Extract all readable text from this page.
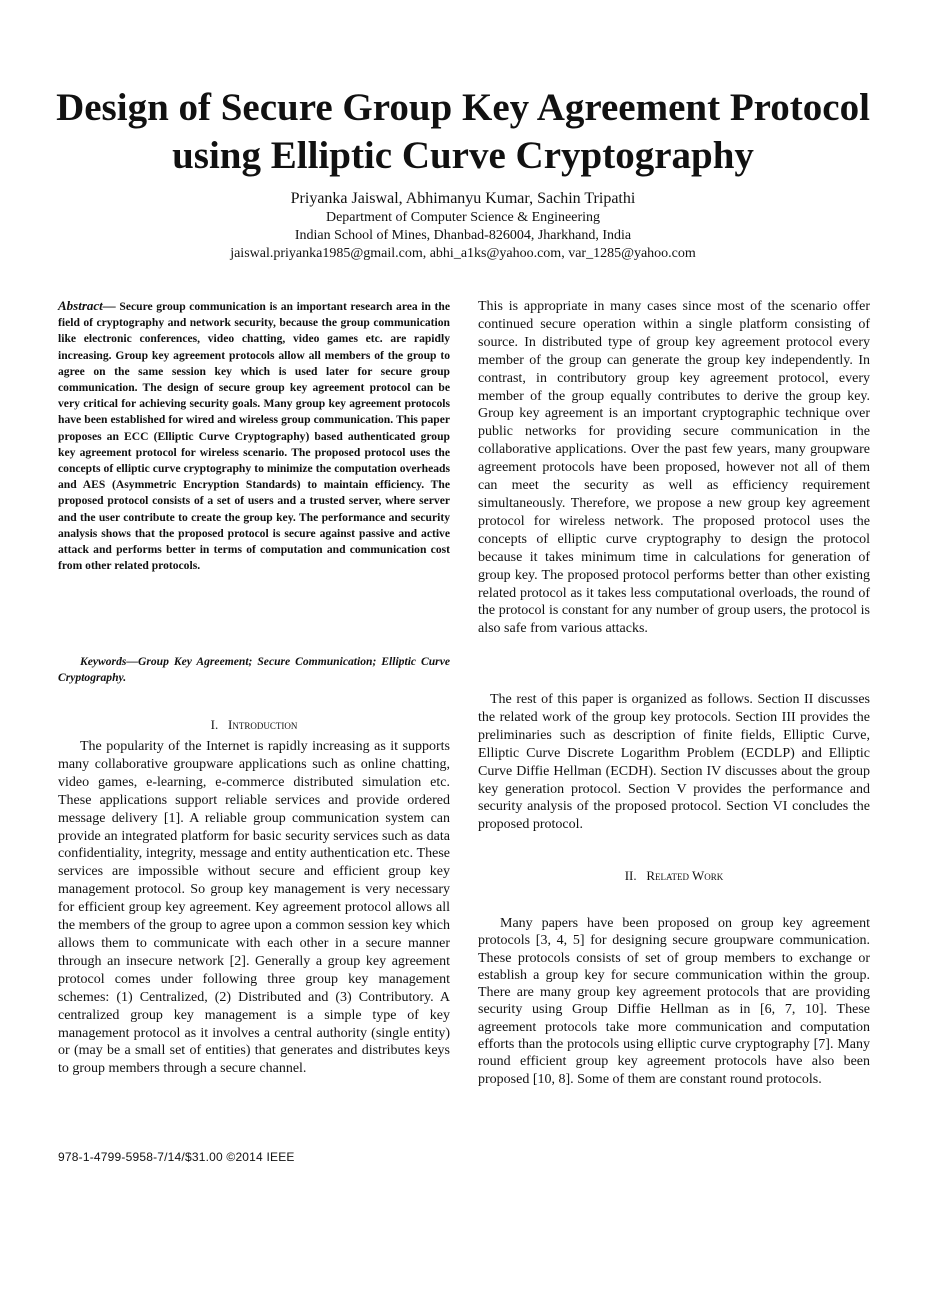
Design of Secure Group Key Agreement Protocol
using Elliptic Curve Cryptography
Priyanka Jaiswal, Abhimanyu Kumar, Sachin Tripathi
Department of Computer Science & Engineering
Indian School of Mines, Dhanbad-826004, Jharkhand, India
jaiswal.priyanka1985@gmail.com, abhi_a1ks@yahoo.com, var_1285@yahoo.com
Abstract— Secure group communication is an important research area in the field of cryptography and network security, because the group communication like electronic conferences, video chatting, video games etc. are rapidly increasing. Group key agreement protocols allow all members of the group to agree on the same session key which is used later for secure group communication. The design of secure group key agreement protocol can be very critical for achieving security goals. Many group key agreement protocols have been established for wired and wireless group communication. This paper proposes an ECC (Elliptic Curve Cryptography) based authenticated group key agreement protocol for wireless scenario. The proposed protocol uses the concepts of elliptic curve cryptography to minimize the computation overheads and AES (Asymmetric Encryption Standards) to maintain efficiency. The proposed protocol consists of a set of users and a trusted server, where server and the user contribute to create the group key. The performance and security analysis shows that the proposed protocol is secure against passive and active attack and performs better in terms of computation and communication cost from other related protocols.
Keywords—Group Key Agreement; Secure Communication; Elliptic Curve Cryptography.
I. Introduction
The popularity of the Internet is rapidly increasing as it supports many collaborative groupware applications such as online chatting, video games, e-learning, e-commerce distributed simulation etc. These applications support reliable services and provide ordered message delivery [1]. A reliable group communication system can provide an integrated platform for basic security services such as data confidentiality, integrity, message and entity authentication etc. These services are impossible without secure and efficient group key management protocol. So group key management is very necessary for efficient group key agreement. Key agreement protocol allows all the members of the group to agree upon a common session key which allows them to communicate with each other in a secure manner through an insecure network [2]. Generally a group key agreement protocol comes under following three group key management schemes: (1) Centralized, (2) Distributed and (3) Contributory. A centralized group key management is a simple type of key management protocol as it involves a central authority (single entity) or (may be a small set of entities) that generates and distributes keys to group members through a secure channel.
This is appropriate in many cases since most of the scenario offer continued secure operation within a single platform consisting of source. In distributed type of group key agreement protocol every member of the group can generate the group key independently. In contrast, in contributory group key agreement protocol, every member of the group equally contributes to derive the group key. Group key agreement is an important cryptographic technique over public networks for providing secure communication in the collaborative applications. Over the past few years, many groupware agreement protocols have been proposed, however not all of them can meet the security as well as efficiency requirement simultaneously. Therefore, we propose a new group key agreement protocol for wireless network. The proposed protocol uses the concepts of elliptic curve cryptography to design the protocol because it takes minimum time in calculations for generation of group key. The proposed protocol performs better than other existing related protocol as it takes less computational overloads, the round of the protocol is constant for any number of group users, the protocol is also safe from various attacks.
The rest of this paper is organized as follows. Section II discusses the related work of the group key protocols. Section III provides the preliminaries such as description of finite fields, Elliptic Curve, Elliptic Curve Discrete Logarithm Problem (ECDLP) and Elliptic Curve Diffie Hellman (ECDH). Section IV discusses about the group key generation protocol. Section V provides the performance and security analysis of the proposed protocol. Section VI concludes the proposed protocol.
II. Related Work
Many papers have been proposed on group key agreement protocols [3, 4, 5] for designing secure groupware communication. These protocols consists of set of group members to exchange or establish a group key for secure communication within the group. There are many group key agreement protocols that are providing security using Group Diffie Hellman as in [6, 7, 10]. These agreement protocols take more communication and computation efforts than the protocols using elliptic curve cryptography [7]. Many round efficient group key agreement protocols have also been proposed [10, 8]. Some of them are constant round protocols.
978-1-4799-5958-7/14/$31.00 ©2014 IEEE
